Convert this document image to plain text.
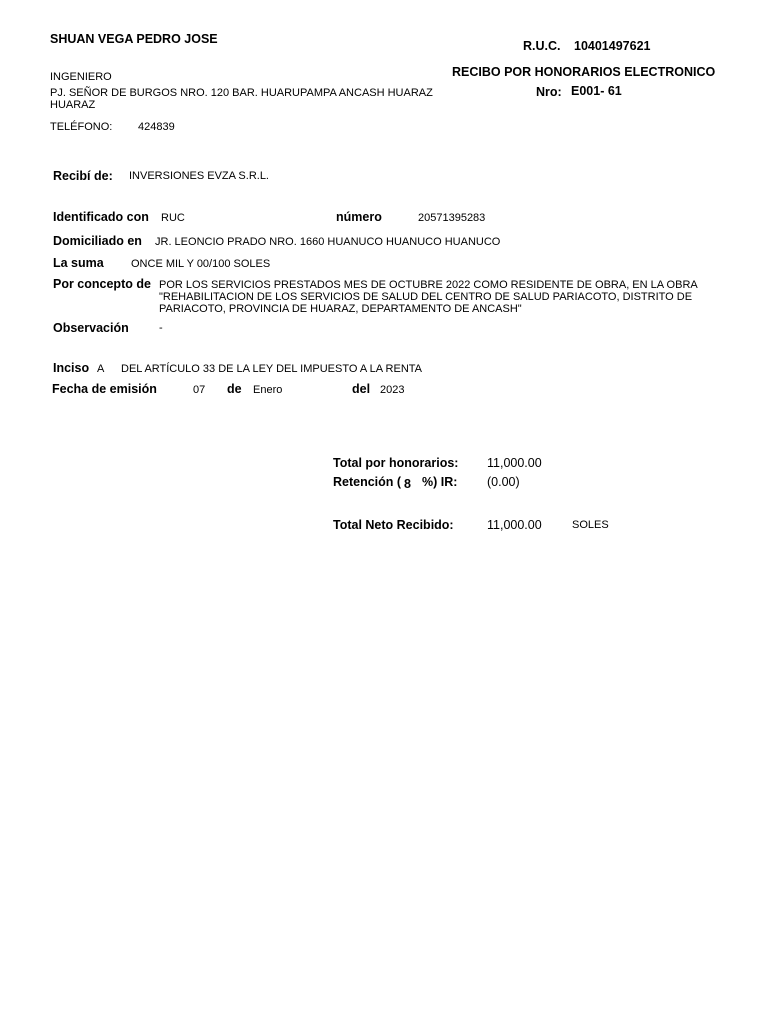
SHUAN VEGA PEDRO JOSE
INGENIERO
PJ. SEÑOR DE BURGOS NRO. 120 BAR. HUARUPAMPA ANCASH HUARAZ
HUARAZ
TELÉFONO: 424839
R.U.C. 10401497621
RECIBO POR HONORARIOS ELECTRONICO
Nro: E001- 61
Recibí de: INVERSIONES EVZA S.R.L.
Identificado con RUC	número	20571395283
Domiciliado en JR. LEONCIO PRADO NRO. 1660 HUANUCO HUANUCO HUANUCO
La suma ONCE MIL Y 00/100 SOLES
Por concepto de POR LOS SERVICIOS PRESTADOS MES DE OCTUBRE 2022 COMO RESIDENTE DE OBRA, EN LA OBRA
"REHABILITACION DE LOS SERVICIOS DE SALUD DEL CENTRO DE SALUD PARIACOTO, DISTRITO DE
PARIACOTO, PROVINCIA DE HUARAZ, DEPARTAMENTO DE ANCASH"
Observación	-
Inciso A DEL ARTÍCULO 33 DE LA LEY DEL IMPUESTO A LA RENTA
Fecha de emisión	07 de Enero	del 2023
Total por honorarios: 11,000.00
Retención ( 8 %) IR: (0.00)
Total Neto Recibido:	11,000.00	SOLES
